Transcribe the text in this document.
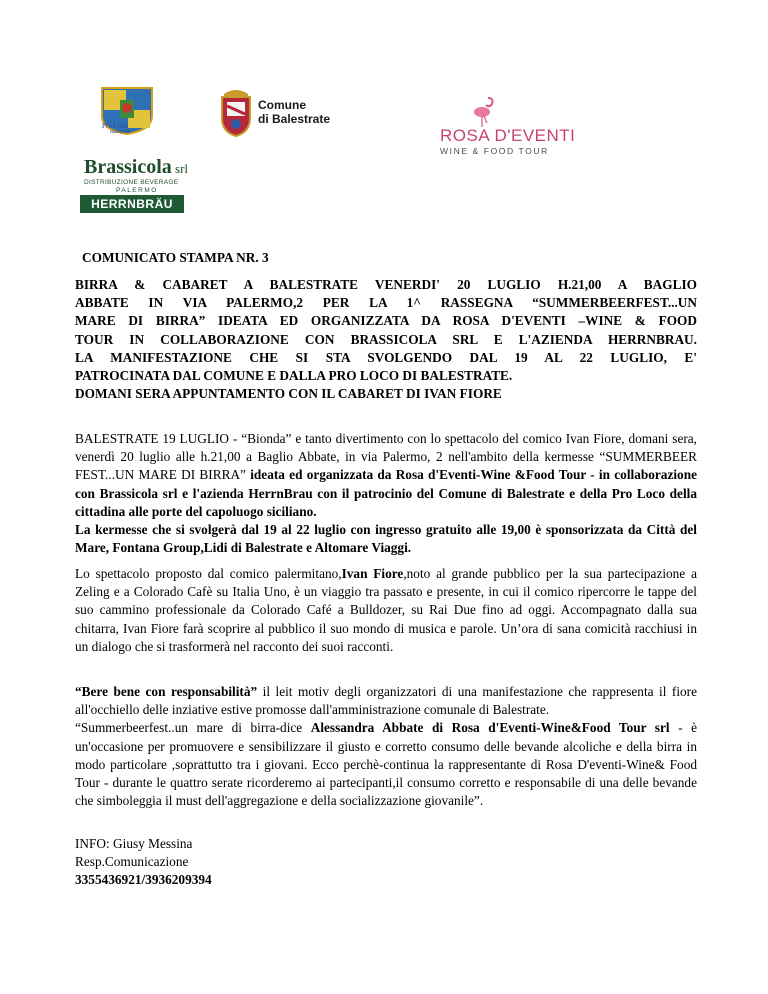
Pro Loco
Balestrate
Comune
di Balestrate
ROSA D'EVENTI
WINE & FOOD TOUR
Brassicola srl
DISTRIBUZIONE BEVERAGE
PALERMO
HERRNBRÄU
COMUNICATO STAMPA NR. 3
BIRRA & CABARET A BALESTRATE VENERDI' 20 LUGLIO H.21,00 A BAGLIO
ABBATE IN VIA PALERMO,2 PER LA 1^ RASSEGNA “SUMMERBEERFEST...UN
MARE DI BIRRA” IDEATA ED ORGANIZZATA DA ROSA D'EVENTI –WINE & FOOD
TOUR IN COLLABORAZIONE CON BRASSICOLA SRL E L'AZIENDA HERRNBRAU.
LA MANIFESTAZIONE CHE SI STA SVOLGENDO DAL 19 AL 22 LUGLIO, E'
PATROCINATA DAL COMUNE E DALLA PRO LOCO DI BALESTRATE.
DOMANI SERA APPUNTAMENTO CON IL CABARET DI IVAN FIORE

BALESTRATE 19 LUGLIO - “Bionda” e tanto divertimento con lo spettacolo del comico Ivan Fiore, domani sera, venerdì 20 luglio alle h.21,00 a Baglio Abbate, in via Palermo, 2 nell'ambito della kermesse “SUMMERBEER FEST...UN MARE DI BIRRA” ideata ed organizzata da Rosa d'Eventi-Wine &Food Tour - in collaborazione con Brassicola srl e l'azienda HerrnBrau con il patrocinio del Comune di Balestrate e della Pro Loco della cittadina alle porte del capoluogo siciliano.

La kermesse che si svolgerà dal 19 al 22 luglio con ingresso gratuito alle 19,00 è sponsorizzata da Città del Mare, Fontana Group,Lidi di Balestrate e Altomare Viaggi.

Lo spettacolo proposto dal comico palermitano,Ivan Fiore,noto al grande pubblico per la sua partecipazione a Zeling e a Colorado Cafè su Italia Uno, è un viaggio tra passato e presente, in cui il comico ripercorre le tappe del suo cammino professionale da Colorado Café a Bulldozer, su Rai Due fino ad oggi. Accompagnato dalla sua chitarra, Ivan Fiore farà scoprire al pubblico il suo mondo di musica e parole. Un’ora di sana comicità racchiusi in un dialogo che si trasformerà nel racconto dei suoi racconti.

“Bere bene con responsabilità” il leit motiv degli organizzatori di una manifestazione che rappresenta il fiore all'occhiello delle inziative estive promosse dall'amministrazione comunale di Balestrate.

“Summerbeerfest..un mare di birra-dice Alessandra Abbate di Rosa d'Eventi-Wine&Food Tour srl - è un'occasione per promuovere e sensibilizzare il giusto e corretto consumo delle bevande alcoliche e della birra in modo particolare ,soprattutto tra i giovani. Ecco perchè-continua la rappresentante di Rosa D'eventi-Wine& Food Tour - durante le quattro serate ricorderemo ai partecipanti,il consumo corretto e responsabile di una delle bevande che simboleggia il must dell'aggregazione e della socializzazione giovanile”.

INFO: Giusy Messina
Resp.Comunicazione
3355436921/3936209394
